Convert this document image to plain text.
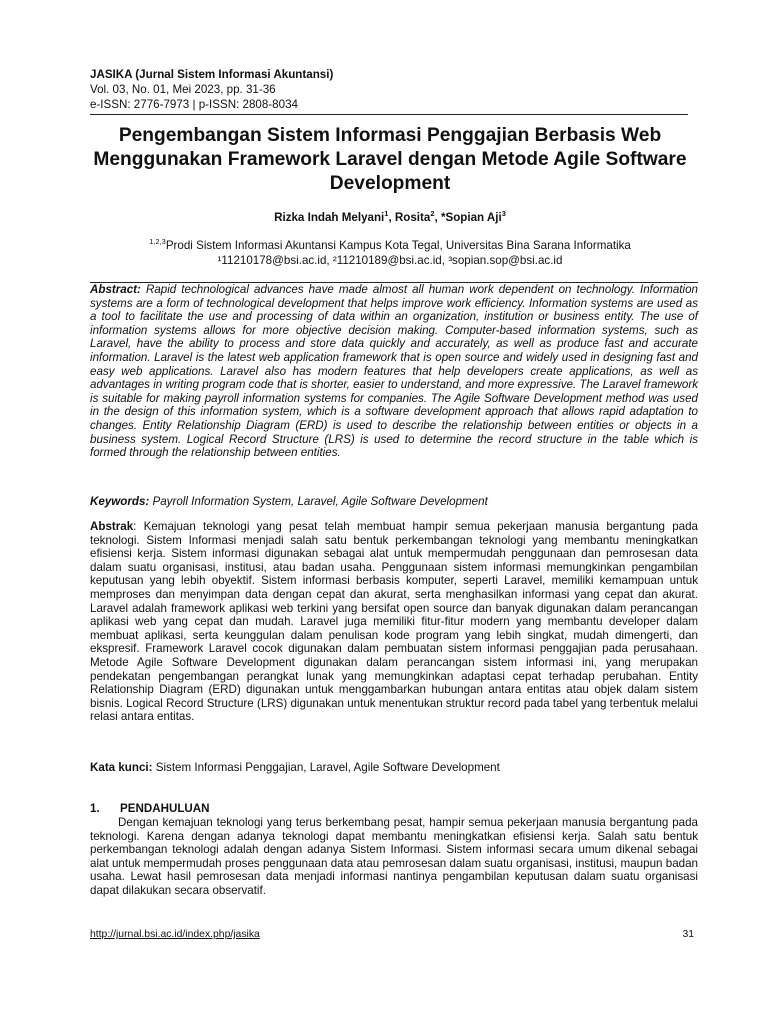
JASIKA (Jurnal Sistem Informasi Akuntansi)
Vol. 03, No. 01, Mei 2023, pp. 31-36
e-ISSN: 2776-7973 | p-ISSN: 2808-8034
Pengembangan Sistem Informasi Penggajian Berbasis Web Menggunakan Framework Laravel dengan Metode Agile Software Development
Rizka Indah Melyani$^1$, Rosita$^2$, *Sopian Aji$^3$
$^{1,2,3}$Prodi Sistem Informasi Akuntansi Kampus Kota Tegal, Universitas Bina Sarana Informatika
¹11210178@bsi.ac.id, ²11210189@bsi.ac.id, ³sopian.sop@bsi.ac.id
Abstract: Rapid technological advances have made almost all human work dependent on technology. Information systems are a form of technological development that helps improve work efficiency. Information systems are used as a tool to facilitate the use and processing of data within an organization, institution or business entity. The use of information systems allows for more objective decision making. Computer-based information systems, such as Laravel, have the ability to process and store data quickly and accurately, as well as produce fast and accurate information. Laravel is the latest web application framework that is open source and widely used in designing fast and easy web applications. Laravel also has modern features that help developers create applications, as well as advantages in writing program code that is shorter, easier to understand, and more expressive. The Laravel framework is suitable for making payroll information systems for companies. The Agile Software Development method was used in the design of this information system, which is a software development approach that allows rapid adaptation to changes. Entity Relationship Diagram (ERD) is used to describe the relationship between entities or objects in a business system. Logical Record Structure (LRS) is used to determine the record structure in the table which is formed through the relationship between entities.
Keywords: Payroll Information System, Laravel, Agile Software Development
Abstrak: Kemajuan teknologi yang pesat telah membuat hampir semua pekerjaan manusia bergantung pada teknologi. Sistem Informasi menjadi salah satu bentuk perkembangan teknologi yang membantu meningkatkan efisiensi kerja. Sistem informasi digunakan sebagai alat untuk mempermudah penggunaan dan pemrosesan data dalam suatu organisasi, institusi, atau badan usaha. Penggunaan sistem informasi memungkinkan pengambilan keputusan yang lebih obyektif. Sistem informasi berbasis komputer, seperti Laravel, memiliki kemampuan untuk memproses dan menyimpan data dengan cepat dan akurat, serta menghasilkan informasi yang cepat dan akurat. Laravel adalah framework aplikasi web terkini yang bersifat open source dan banyak digunakan dalam perancangan aplikasi web yang cepat dan mudah. Laravel juga memiliki fitur-fitur modern yang membantu developer dalam membuat aplikasi, serta keunggulan dalam penulisan kode program yang lebih singkat, mudah dimengerti, dan ekspresif. Framework Laravel cocok digunakan dalam pembuatan sistem informasi penggajian pada perusahaan. Metode Agile Software Development digunakan dalam perancangan sistem informasi ini, yang merupakan pendekatan pengembangan perangkat lunak yang memungkinkan adaptasi cepat terhadap perubahan. Entity Relationship Diagram (ERD) digunakan untuk menggambarkan hubungan antara entitas atau objek dalam sistem bisnis. Logical Record Structure (LRS) digunakan untuk menentukan struktur record pada tabel yang terbentuk melalui relasi antara entitas.
Kata kunci: Sistem Informasi Penggajian, Laravel, Agile Software Development
1. PENDAHULUAN
Dengan kemajuan teknologi yang terus berkembang pesat, hampir semua pekerjaan manusia bergantung pada teknologi. Karena dengan adanya teknologi dapat membantu meningkatkan efisiensi kerja. Salah satu bentuk perkembangan teknologi adalah dengan adanya Sistem Informasi. Sistem informasi secara umum dikenal sebagai alat untuk mempermudah proses penggunaan data atau pemrosesan dalam suatu organisasi, institusi, maupun badan usaha. Lewat hasil pemrosesan data menjadi informasi nantinya pengambilan keputusan dalam suatu organisasi dapat dilakukan secara observatif.
http://jurnal.bsi.ac.id/index.php/jasika	31
